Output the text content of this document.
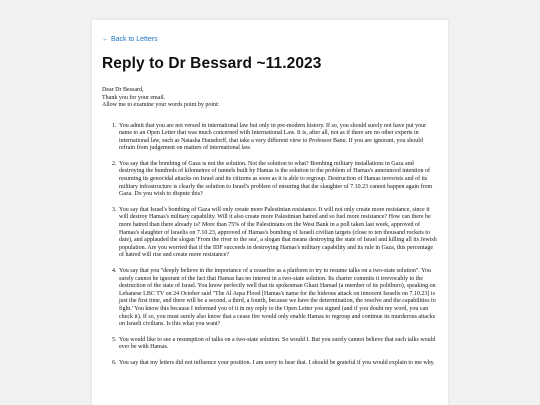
← Back to Letters
Reply to Dr Bessard ~11.2023

Dear Dr Bessard,

Thank you for your email.

Allow me to examine your words point by point:

1. You admit that you are not versed in international law but only in pre-modern history. If so, you should surely not have put your name to an Open Letter that was much concerned with International Law. It is, after all, not as if there are no other experts in international law, such as Natasha Hausdorff, that take a very different view to Professor Banu. If you are ignorant, you should refrain from judgement on matters of international law.
2. You say that the bombing of Gaza is not the solution. Not the solution to what? Bombing military installations in Gaza and destroying the hundreds of kilometres of tunnels built by Hamas is the solution to the problem of Hamas's announced intention of resuming its genocidal attacks on Israel and its citizens as soon as it is able to regroup. Destruction of Hamas terrorists and of its military infrastructure is clearly the solution to Israel's problem of ensuring that the slaughter of 7.10.23 cannot happen again from Gaza. Do you wish to dispute this?
3. You say that Israel's bombing of Gaza will only create more Palestinian resistance. It will not only create more resistance, since it will destroy Hamas's military capability. Will it also create more Palestinian hatred and so fuel more resistance? How can there be more hatred than there already is? More than 75% of the Palestinians on the West Bank in a poll taken last week, approved of Hamas's slaughter of Israelis on 7.10.23, approved of Hamas's bombing of Israeli civilian targets (close to ten thousand rockets to date), and applauded the slogan 'From the river to the sea', a slogan that means destroying the state of Israel and killing all its Jewish population. Are you worried that if the IDF succeeds in destroying Hamas's military capability and its rule in Gaza, this percentage of hatred will rise and create more resistance?
4. You say that you "deeply believe in the importance of a ceasefire as a platform to try to resume talks on a two-state solution". You surely cannot be ignorant of the fact that Hamas has no interest in a two-state solution. Its charter commits it irrevocably to the destruction of the state of Israel. You know perfectly well that its spokesman Ghazi Hamad (a member of its politburo), speaking on Lebanese LBC TV on 24 October said "The Al Aqsa Flood [Hamas's name for the hideous attack on innocent Israelis on 7.10.23] is just the first time, and there will be a second, a third, a fourth, because we have the determination, the resolve and the capabilities to fight.' You know this because I informed you of it in my reply to the Open Letter you signed (and if you doubt my word, you can check it). If so, you must surely also know that a cease fire would only enable Hamas to regroup and continue its murderous attacks on Israeli civilians. Is this what you want?
5. You would like to see a resumption of talks on a two-state solution. So would I. But you surely cannot believe that such talks would ever be with Hamas.
6. You say that my letters did not influence your position. I am sorry to hear that. I should be grateful if you would explain to me why.
